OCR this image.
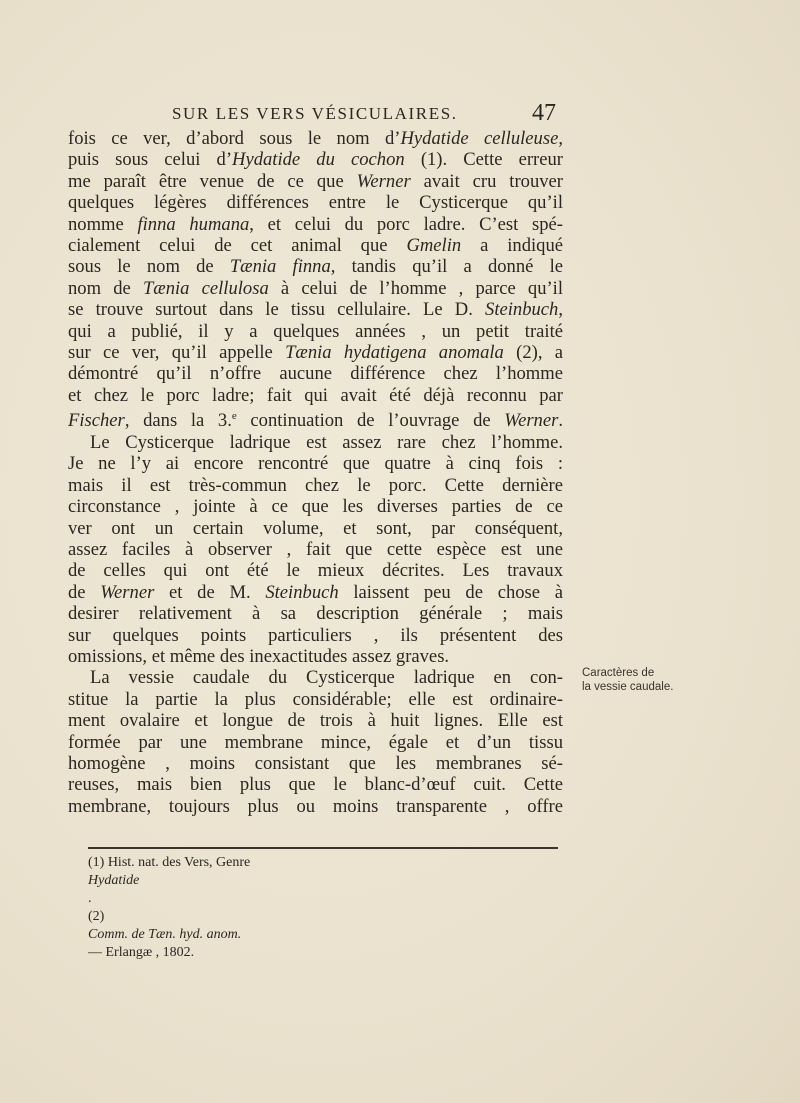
SUR LES VERS VÉSICULAIRES.	47
fois ce ver, d’abord sous le nom d’Hydatide celluleuse,
puis sous celui d’Hydatide du cochon (1). Cette erreur
me paraît être venue de ce que Werner avait cru trouver
quelques légères différences entre le Cysticerque qu’il
nomme finna humana, et celui du porc ladre. C’est spé-
cialement celui de cet animal que Gmelin a indiqué
sous le nom de Tænia finna, tandis qu’il a donné le
nom de Tænia cellulosa à celui de l’homme , parce qu’il
se trouve surtout dans le tissu cellulaire. Le D. Steinbuch,
qui a publié, il y a quelques années , un petit traité
sur ce ver, qu’il appelle Tænia hydatigena anomala (2), a
démontré qu’il n’offre aucune différence chez l’homme
et chez le porc ladre; fait qui avait été déjà reconnu par
Fischer, dans la 3.$^e$ continuation de l’ouvrage de Werner.
Le Cysticerque ladrique est assez rare chez l’homme.
Je ne l’y ai encore rencontré que quatre à cinq fois :
mais il est très-commun chez le porc. Cette dernière
circonstance , jointe à ce que les diverses parties de ce
ver ont un certain volume, et sont, par conséquent,
assez faciles à observer , fait que cette espèce est une
de celles qui ont été le mieux décrites. Les travaux
de Werner et de M. Steinbuch laissent peu de chose à
desirer relativement à sa description générale ; mais
sur quelques points particuliers , ils présentent des
omissions, et même des inexactitudes assez graves.
La vessie caudale du Cysticerque ladrique en con-
stitue la partie la plus considérable; elle est ordinaire-
ment ovalaire et longue de trois à huit lignes. Elle est
formée par une membrane mince, égale et d’un tissu
homogène , moins consistant que les membranes sé-
reuses, mais bien plus que le blanc-d’œuf cuit. Cette
membrane, toujours plus ou moins transparente , offre
Caractères de
la vessie caudale.
(1) Hist. nat. des Vers, Genre
Hydatide
.
(2)
Comm. de Tæn. hyd. anom.
— Erlangæ , 1802.
